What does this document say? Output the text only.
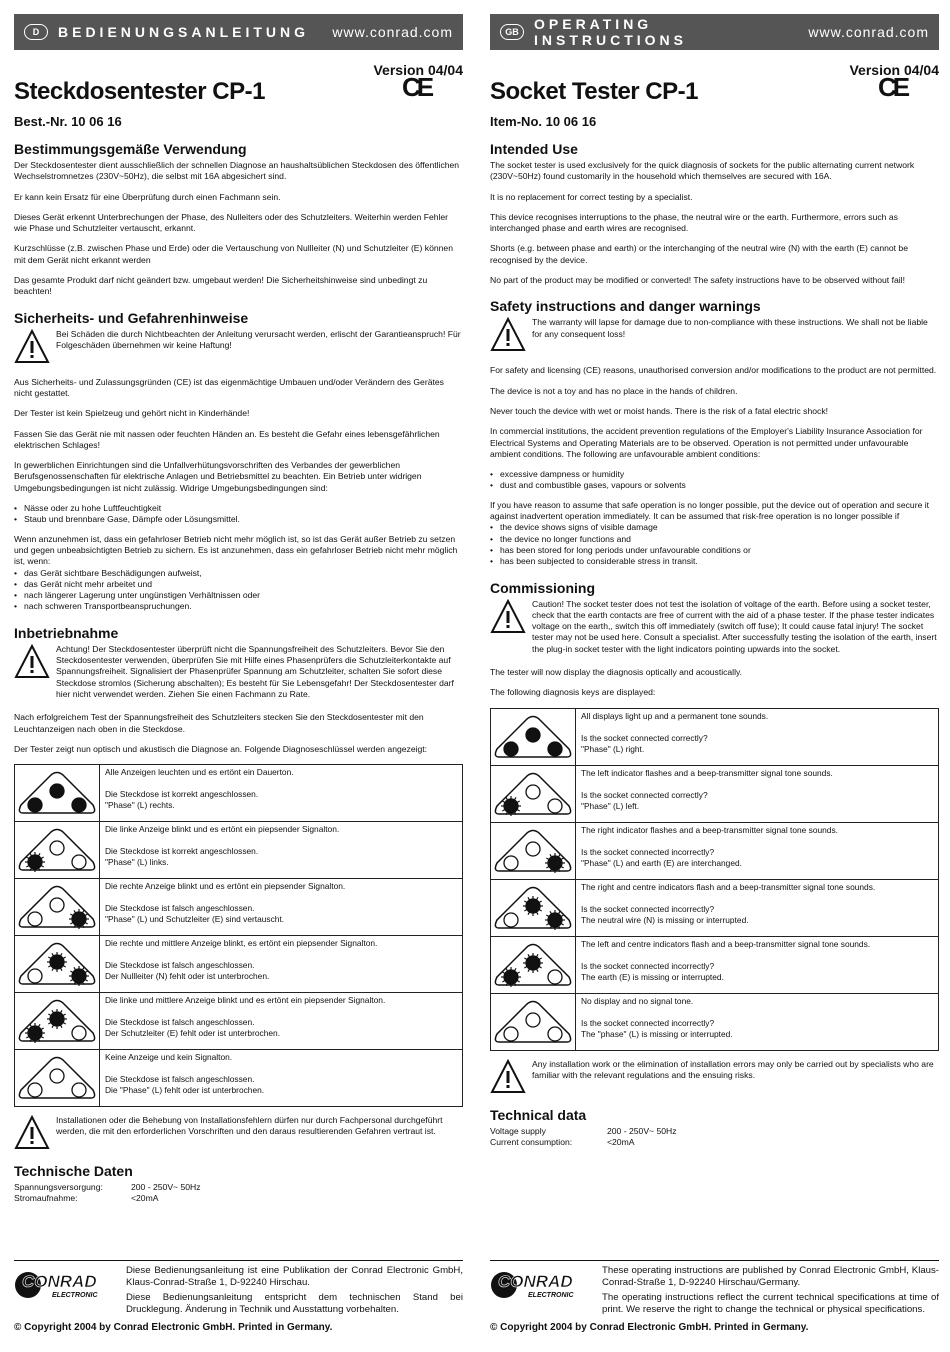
D	BEDIENUNGSANLEITUNG	www.conrad.com
Version 04/04
Steckdosentester CP-1	CE
Best.-Nr. 10 06 16
Bestimmungsgemäße Verwendung

Der Steckdosentester dient ausschließlich der schnellen Diagnose an haushaltsüblichen Steckdosen des öffentlichen Wechselstromnetzes (230V~50Hz), die selbst mit 16A abgesichert sind.

Er kann kein Ersatz für eine Überprüfung durch einen Fachmann sein.

Dieses Gerät erkennt Unterbrechungen der Phase, des Nulleiters oder des Schutzleiters. Weiterhin werden Fehler wie Phase und Schutzleiter vertauscht, erkannt.

Kurzschlüsse (z.B. zwischen Phase und Erde) oder die Vertauschung von Nullleiter (N) und Schutzleiter (E) können mit dem Gerät nicht erkannt werden

Das gesamte Produkt darf nicht geändert bzw. umgebaut werden! Die Sicherheitshinweise sind unbedingt zu beachten!

Sicherheits- und Gefahrenhinweise

Bei Schäden die durch Nichtbeachten der Anleitung verursacht werden, erlischt der Garantieanspruch! Für Folgeschäden übernehmen wir keine Haftung!

Aus Sicherheits- und Zulassungsgründen (CE) ist das eigenmächtige Umbauen und/oder Verändern des Gerätes nicht gestattet.

Der Tester ist kein Spielzeug und gehört nicht in Kinderhände!

Fassen Sie das Gerät nie mit nassen oder feuchten Händen an. Es besteht die Gefahr eines lebensgefährlichen elektrischen Schlages!

In gewerblichen Einrichtungen sind die Unfallverhütungsvorschriften des Verbandes der gewerblichen Berufsgenossenschaften für elektrische Anlagen und Betriebsmittel zu beachten. Ein Betrieb unter widrigen Umgebungsbedingungen ist nicht zulässig. Widrige Umgebungsbedingungen sind:

• Nässe oder zu hohe Luftfeuchtigkeit
• Staub und brennbare Gase, Dämpfe oder Lösungsmittel.

Wenn anzunehmen ist, dass ein gefahrloser Betrieb nicht mehr möglich ist, so ist das Gerät außer Betrieb zu setzen und gegen unbeabsichtigten Betrieb zu sichern. Es ist anzunehmen, dass ein gefahrloser Betrieb nicht mehr möglich ist, wenn:

• das Gerät sichtbare Beschädigungen aufweist,
• das Gerät nicht mehr arbeitet und
• nach längerer Lagerung unter ungünstigen Verhältnissen oder
• nach schweren Transportbeanspruchungen.
Inbetriebnahme

Achtung! Der Steckdosentester überprüft nicht die Spannungsfreiheit des Schutzleiters. Bevor Sie den Steckdosentester verwenden, überprüfen Sie mit Hilfe eines Phasenprüfers die Schutzleiterkontakte auf Spannungsfreiheit. Signalisiert der Phasenprüfer Spannung am Schutzleiter, schalten Sie sofort diese Steckdose stromlos (Sicherung abschalten); Es besteht für Sie Lebensgefahr! Der Steckdosentester darf hier nicht verwendet werden. Ziehen Sie einen Fachmann zu Rate.

Nach erfolgreichem Test der Spannungsfreiheit des Schutzleiters stecken Sie den Steckdosentester mit den Leuchtanzeigen nach oben in die Steckdose.

Der Tester zeigt nun optisch und akustisch die Diagnose an. Folgende Diagnoseschlüssel werden angezeigt:

Alle Anzeigen leuchten und es ertönt ein Dauerton.
Die Steckdose ist korrekt angeschlossen.
"Phase" (L) rechts.
Die linke Anzeige blinkt und es ertönt ein piepsender Signalton.
Die Steckdose ist korrekt angeschlossen.
"Phase" (L) links.
Die rechte Anzeige blinkt und es ertönt ein piepsender Signalton.
Die Steckdose ist falsch angeschlossen.
"Phase" (L) und Schutzleiter (E) sind vertauscht.
Die rechte und mittlere Anzeige blinkt, es ertönt ein piepsender Signalton.
Die Steckdose ist falsch angeschlossen.
Der Nullleiter (N) fehlt oder ist unterbrochen.
Die linke und mittlere Anzeige blinkt und es ertönt ein piepsender Signalton.
Die Steckdose ist falsch angeschlossen.
Der Schutzleiter (E) fehlt oder ist unterbrochen.
Keine Anzeige und kein Signalton.
Die Steckdose ist falsch angeschlossen.
Die "Phase" (L) fehlt oder ist unterbrochen.

Installationen oder die Behebung von Installationsfehlern dürfen nur durch Fachpersonal durchgeführt werden, die mit den erforderlichen Vorschriften und den daraus resultierenden Gefahren vertraut ist.

Technische Daten
Spannungsversorgung:	200 - 250V~ 50Hz
Stromaufnahme:	<20mA
GB	OPERATING INSTRUCTIONS	www.conrad.com
Version 04/04
Socket Tester CP-1	CE
Item-No. 10 06 16
Intended Use

The socket tester is used exclusively for the quick diagnosis of sockets for the public alternating current network (230V~50Hz) found customarily in the household which themselves are secured with 16A.

It is no replacement for correct testing by a specialist.

This device recognises interruptions to the phase, the neutral wire or the earth. Furthermore, errors such as interchanged phase and earth wires are recognised.

Shorts (e.g. between phase and earth) or the interchanging of the neutral wire (N) with the earth (E) cannot be recognised by the device.

No part of the product may be modified or converted! The safety instructions have to be observed without fail!

Safety instructions and danger warnings

The warranty will lapse for damage due to non-compliance with these instructions. We shall not be liable for any consequent loss!

For safety and licensing (CE) reasons, unauthorised conversion and/or modifications to the product are not permitted.

The device is not a toy and has no place in the hands of children.

Never touch the device with wet or moist hands. There is the risk of a fatal electric shock!

In commercial institutions, the accident prevention regulations of the Employer's Liability Insurance Association for Electrical Systems and Operating Materials are to be observed. Operation is not permitted under unfavourable ambient conditions. The following are unfavourable ambient conditions:

• excessive dampness or humidity
• dust and combustible gases, vapours or solvents

If you have reason to assume that safe operation is no longer possible, put the device out of operation and secure it against inadvertent operation immediately. It can be assumed that risk-free operation is no longer possible if

• the device shows signs of visible damage
• the device no longer functions and
• has been stored for long periods under unfavourable conditions or
• has been subjected to considerable stress in transit.
Commissioning

Caution! The socket tester does not test the isolation of voltage of the earth. Before using a socket tester, check that the earth contacts are free of current with the aid of a phase tester. If the phase tester indicates voltage on the earth,, switch this off immediately (switch off fuse); It could cause fatal injury! The socket tester may not be used here. Consult a specialist. After successfully testing the isolation of the earth, insert the plug-in socket tester with the light indicators pointing upwards into the socket.

The tester will now display the diagnosis optically and acoustically.

The following diagnosis keys are displayed:

All displays light up and a permanent tone sounds.
Is the socket connected correctly?
"Phase" (L) right.
The left indicator flashes and a beep-transmitter signal tone sounds.
Is the socket connected correctly?
"Phase" (L) left.
The right indicator flashes and a beep-transmitter signal tone sounds.
Is the socket connected incorrectly?
"Phase" (L) and earth (E) are interchanged.
The right and centre indicators flash and a beep-transmitter signal tone sounds.
Is the socket connected incorrectly?
The neutral wire (N) is missing or interrupted.
The left and centre indicators flash and a beep-transmitter signal tone sounds.
Is the socket connected incorrectly?
The earth (E) is missing or interrupted.
No display and no signal tone.
Is the socket connected incorrectly?
The "phase" (L) is missing or interrupted.

Any installation work or the elimination of installation errors may only be carried out by specialists who are familiar with the relevant regulations and the ensuing risks.

Technical data
Voltage supply	200 - 250V~ 50Hz
Current consumption:	<20mA
CONRAD
ELECTRONIC
Diese Bedienungsanleitung ist eine Publikation der Conrad Electronic GmbH, Klaus-Conrad-Straße 1, D-92240 Hirschau.
Diese Bedienungsanleitung entspricht dem technischen Stand bei Drucklegung. Änderung in Technik und Ausstattung vorbehalten.
© Copyright 2004 by Conrad Electronic GmbH. Printed in Germany.
CONRAD
ELECTRONIC
These operating instructions are published by Conrad Electronic GmbH, Klaus-Conrad-Straße 1, D-92240 Hirschau/Germany.
The operating instructions reflect the current technical specifications at time of print. We reserve the right to change the technical or physical specifications.
© Copyright 2004 by Conrad Electronic GmbH. Printed in Germany.
